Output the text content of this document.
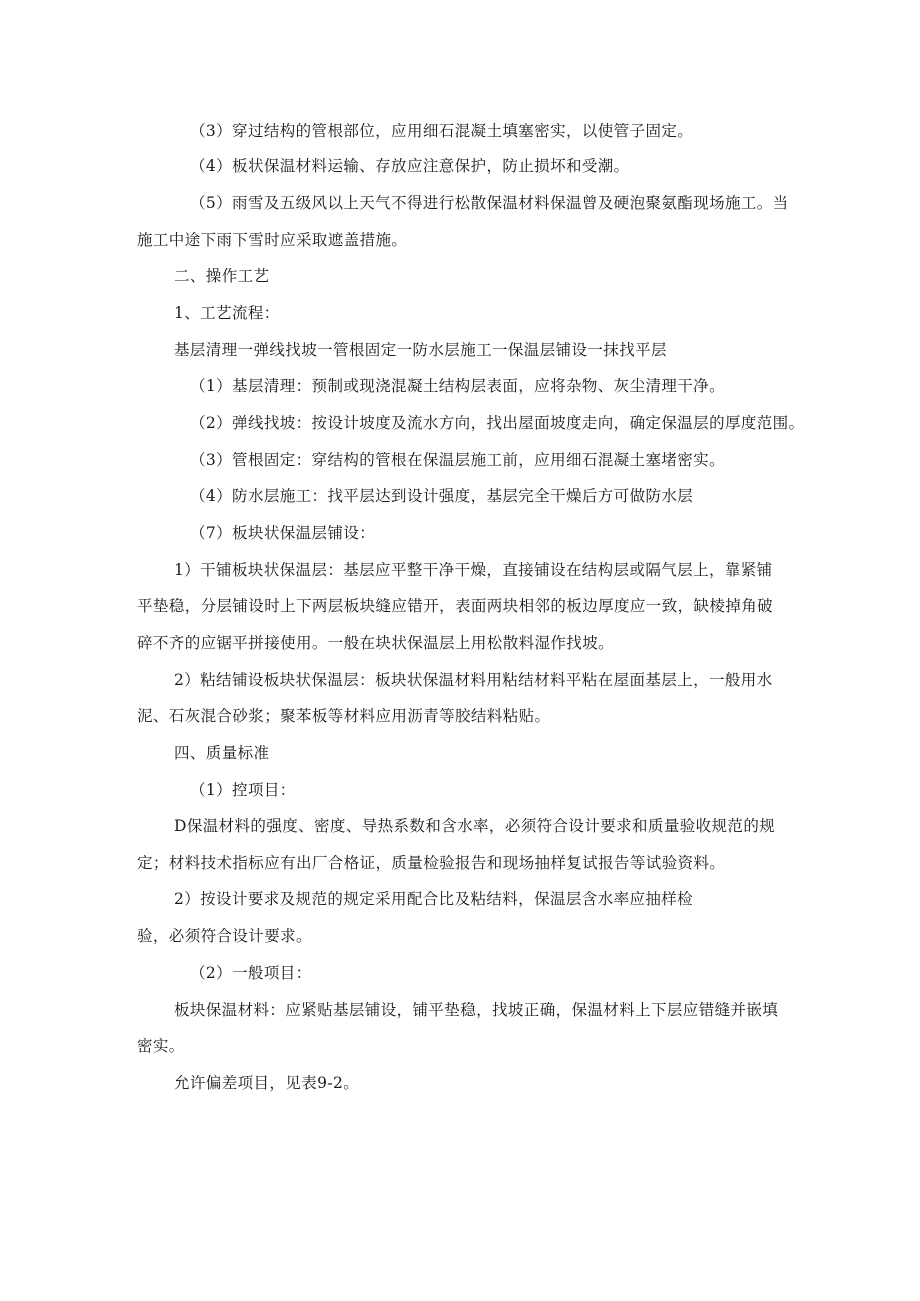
（3）穿过结构的管根部位，应用细石混凝土填塞密实，以使管子固定。
（4）板状保温材料运输、存放应注意保护，防止损坏和受潮。
（5）雨雪及五级风以上天气不得进行松散保温材料保温曾及硬泡聚氨酯现场施工。当
施工中途下雨下雪时应采取遮盖措施。
二、操作工艺
1、工艺流程：
基层清理一弹线找坡一管根固定一防水层施工一保温层铺设一抹找平层
（1）基层清理：预制或现浇混凝土结构层表面，应将杂物、灰尘清理干净。
（2）弹线找坡：按设计坡度及流水方向，找出屋面坡度走向，确定保温层的厚度范围。
（3）管根固定：穿结构的管根在保温层施工前，应用细石混凝土塞堵密实。
（4）防水层施工：找平层达到设计强度，基层完全干燥后方可做防水层
（7）板块状保温层铺设：
1）干铺板块状保温层：基层应平整干净干燥，直接铺设在结构层或隔气层上，靠紧铺
平垫稳，分层铺设时上下两层板块缝应错开，表面两块相邻的板边厚度应一致，缺棱掉角破
碎不齐的应锯平拼接使用。一般在块状保温层上用松散料湿作找坡。
2）粘结铺设板块状保温层：板块状保温材料用粘结材料平粘在屋面基层上，一般用水
泥、石灰混合砂浆；聚苯板等材料应用沥青等胶结料粘贴。
四、质量标准
（1）控项目：
D保温材料的强度、密度、导热系数和含水率，必须符合设计要求和质量验收规范的规
定；材料技术指标应有出厂合格证，质量检验报告和现场抽样复试报告等试验资料。
2）按设计要求及规范的规定采用配合比及粘结料，保温层含水率应抽样检
验，必须符合设计要求。
（2）一般项目：
板块保温材料：应紧贴基层铺设，铺平垫稳，找坡正确，保温材料上下层应错缝并嵌填
密实。
允许偏差项目，见表9-2。
